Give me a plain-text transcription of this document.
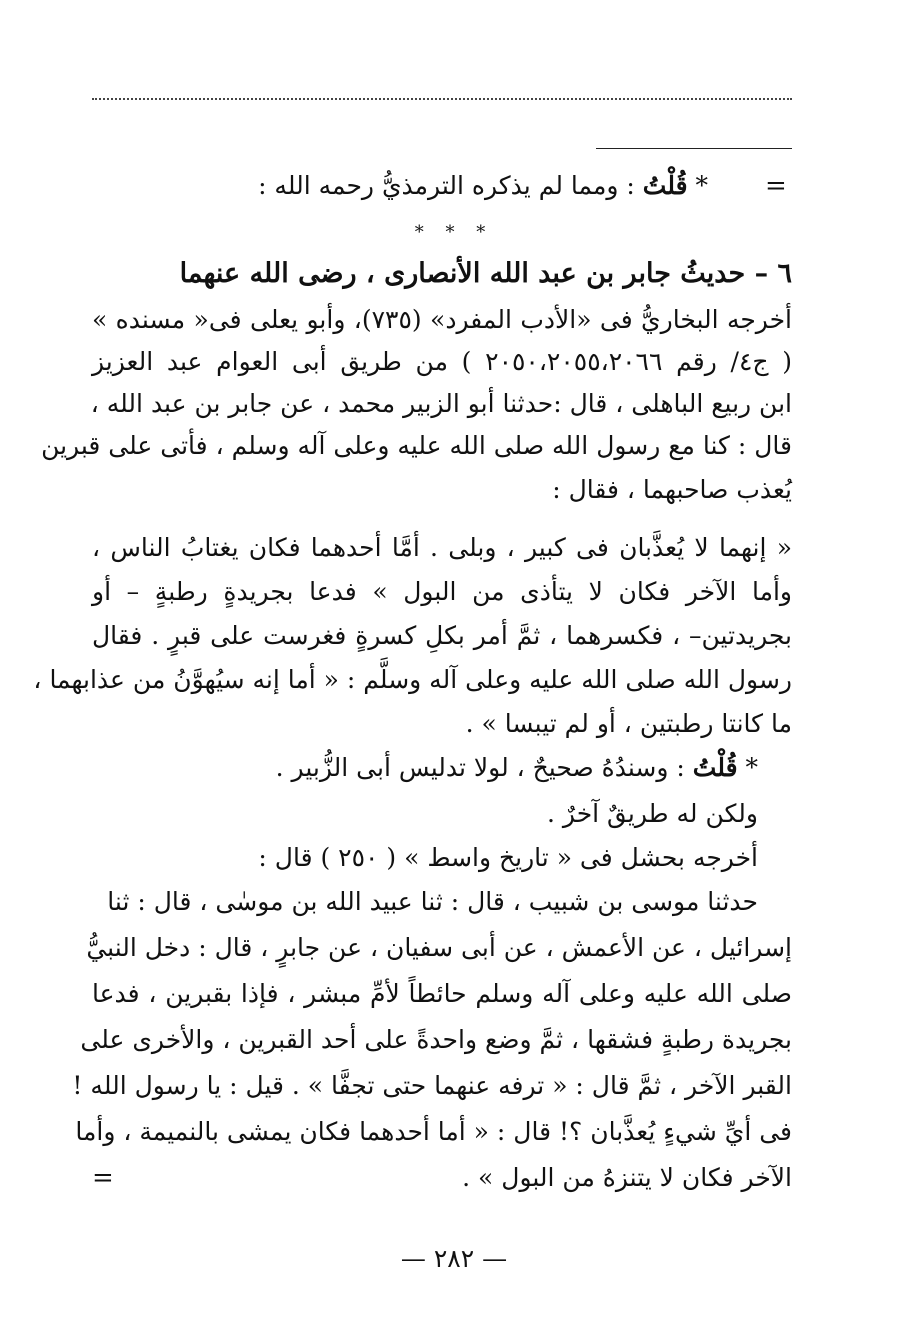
=
* قُلْتُ : ومما لم يذكره الترمذيُّ رحمه الله :
* * *
٦ – حديثُ جابر بن عبد الله الأنصارى ، رضى الله عنهما
أخرجه البخاريُّ فى «الأدب المفرد» (٧٣٥)، وأبو يعلى فى« مسنده »
( ج٤/ رقم ٢٠٥٠،٢٠٥٥،٢٠٦٦ ) من طريق أبى العوام عبد العزيز
ابن ربيع الباهلى ، قال :حدثنا أبو الزبير محمد ، عن جابر بن عبد الله ،
قال : كنا مع رسول الله صلى الله عليه وعلى آله وسلم ، فأتى على قبرين
يُعذب صاحبهما ، فقال :
« إنهما لا يُعذَّبان فى كبير ، وبلى . أمَّا أحدهما فكان يغتابُ الناس ،
وأما الآخر فكان لا يتأذى من البول » فدعا بجريدةٍ رطبةٍ – أو
بجريدتين– ، فكسرهما ، ثمَّ أمر بكلِ كسرةٍ فغرست على قبرٍ . فقال
رسول الله صلى الله عليه وعلى آله وسلَّم : « أما إنه سيُهوَّنُ من عذابهما ،
ما كانتا رطبتين ، أو لم تيبسا » .
* قُلْتُ : وسندُهُ صحيحٌ ، لولا تدليس أبى الزُّبير .
ولكن له طريقٌ آخرٌ .
أخرجه بحشل فى « تاريخ واسط » ( ٢٥٠ ) قال :
حدثنا موسى بن شبيب ، قال : ثنا عبيد الله بن موسٰى ، قال : ثنا
إسرائيل ، عن الأعمش ، عن أبى سفيان ، عن جابرٍ ، قال : دخل النبيُّ
صلى الله عليه وعلى آله وسلم حائطاً لأمِّ مبشر ، فإذا بقبرين ، فدعا
بجريدة رطبةٍ فشقها ، ثمَّ وضع واحدةً على أحد القبرين ، والأخرى على
القبر الآخر ، ثمَّ قال : « ترفه عنهما حتى تجفَّا » . قيل : يا رسول الله !
فى أيِّ شيءٍ يُعذَّبان ؟! قال : « أما أحدهما فكان يمشى بالنميمة ، وأما
الآخر فكان لا يتنزهُ من البول » .
=
— ٢٨٢ —
